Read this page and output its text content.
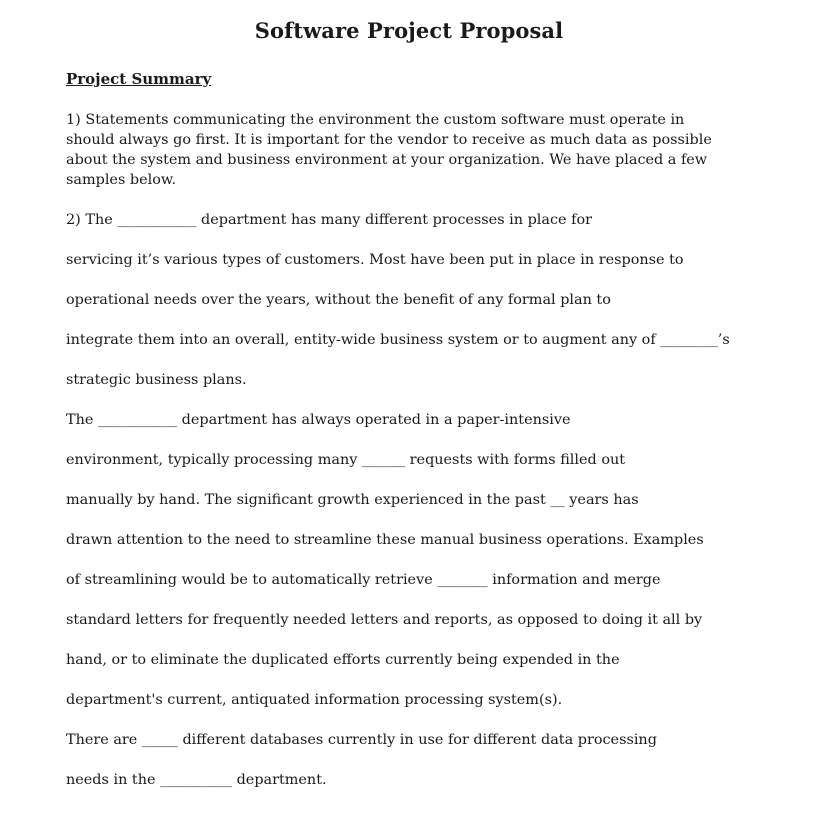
Software Project Proposal
Project Summary
1) Statements communicating the environment the custom software must operate in should always go first. It is important for the vendor to receive as much data as possible about the system and business environment at your organization. We have placed a few samples below.
2) The ___________ department has many different processes in place for
servicing it’s various types of customers. Most have been put in place in response to
operational needs over the years, without the benefit of any formal plan to
integrate them into an overall, entity-wide business system or to augment any of ________’s
strategic business plans.
The ___________ department has always operated in a paper-intensive
environment, typically processing many ______ requests with forms filled out
manually by hand. The significant growth experienced in the past __ years has
drawn attention to the need to streamline these manual business operations. Examples
of streamlining would be to automatically retrieve _______ information and merge
standard letters for frequently needed letters and reports, as opposed to doing it all by
hand, or to eliminate the duplicated efforts currently being expended in the
department's current, antiquated information processing system(s).
There are _____ different databases currently in use for different data processing
needs in the __________ department.
